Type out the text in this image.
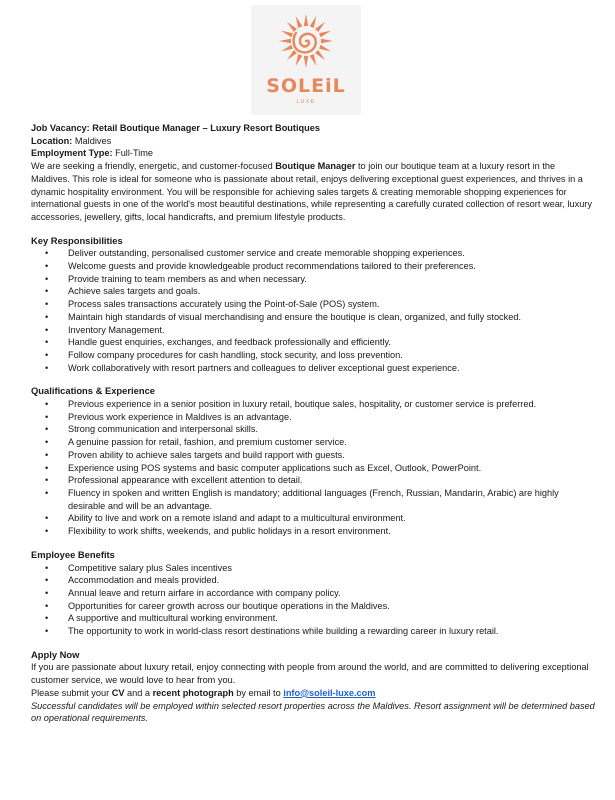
SOLEiL
LUXE

Job Vacancy: Retail Boutique Manager – Luxury Resort Boutiques

Location: Maldives

Employment Type: Full-Time

We are seeking a friendly, energetic, and customer-focused Boutique Manager to join our boutique team at a luxury resort in the Maldives. This role is ideal for someone who is passionate about retail, enjoys delivering exceptional guest experiences, and thrives in a dynamic hospitality environment. You will be responsible for achieving sales targets & creating memorable shopping experiences for international guests in one of the world's most beautiful destinations, while representing a carefully curated collection of resort wear, luxury accessories, jewellery, gifts, local handicrafts, and premium lifestyle products.

Key Responsibilities
• Deliver outstanding, personalised customer service and create memorable shopping experiences.
• Welcome guests and provide knowledgeable product recommendations tailored to their preferences.
• Provide training to team members as and when necessary.
• Achieve sales targets and goals.
• Process sales transactions accurately using the Point-of-Sale (POS) system.
• Maintain high standards of visual merchandising and ensure the boutique is clean, organized, and fully stocked.
• Inventory Management.
• Handle guest enquiries, exchanges, and feedback professionally and efficiently.
• Follow company procedures for cash handling, stock security, and loss prevention.
• Work collaboratively with resort partners and colleagues to deliver exceptional guest experience.
Qualifications & Experience
• Previous experience in a senior position in luxury retail, boutique sales, hospitality, or customer service is preferred.
• Previous work experience in Maldives is an advantage.
• Strong communication and interpersonal skills.
• A genuine passion for retail, fashion, and premium customer service.
• Proven ability to achieve sales targets and build rapport with guests.
• Experience using POS systems and basic computer applications such as Excel, Outlook, PowerPoint.
• Professional appearance with excellent attention to detail.
• Fluency in spoken and written English is mandatory; additional languages (French, Russian, Mandarin, Arabic) are highly desirable and will be an advantage.
• Ability to live and work on a remote island and adapt to a multicultural environment.
• Flexibility to work shifts, weekends, and public holidays in a resort environment.
Employee Benefits
• Competitive salary plus Sales incentives
• Accommodation and meals provided.
• Annual leave and return airfare in accordance with company policy.
• Opportunities for career growth across our boutique operations in the Maldives.
• A supportive and multicultural working environment.
• The opportunity to work in world-class resort destinations while building a rewarding career in luxury retail.
Apply Now

If you are passionate about luxury retail, enjoy connecting with people from around the world, and are committed to delivering exceptional customer service, we would love to hear from you.

Please submit your CV and a recent photograph by email to info@soleil-luxe.com

Successful candidates will be employed within selected resort properties across the Maldives. Resort assignment will be determined based on operational requirements.
